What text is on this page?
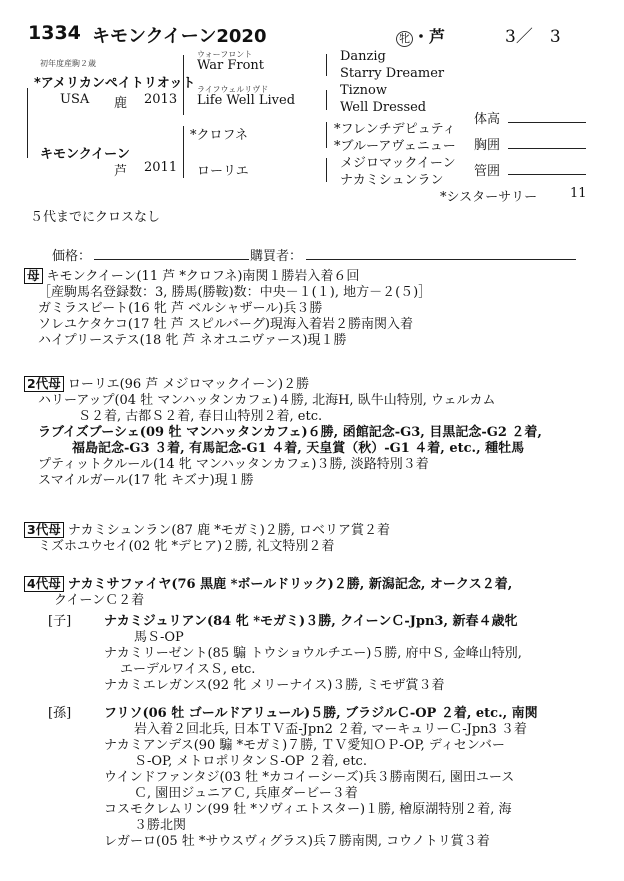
1334 キモンクイーン2020	牝 ・芦	3／　3
初年度産駒２歳
*アメリカンペイトリオット
USA 鹿 2013
ウォーフロント
War Front
ライフウェルリヴド
Life Well Lived
Danzig
Starry Dreamer
Tiznow
Well Dressed
キモンクイーン
芦 2011
*クロフネ
ローリエ
*フレンチデピュティ
*ブルーアヴェニュー
メジロマックイーン
ナカミシュンラン
体高
胸囲
管囲
*シスターサリー	11
５代までにクロスなし
価格：	購買者：
母 キモンクイーン(11 芦 *クロフネ)南関１勝岩入着６回
［産駒馬名登録数：3, 勝馬(勝鞍)数：中央－１(１), 地方－２(５)］
ガミラスビート(16 牝 芦 ベルシャザール)兵３勝
ソレユケタケコ(17 牡 芦 スピルバーグ)現海入着岩２勝南関入着
ハイプリーステス(18 牝 芦 ネオユニヴァース)現１勝
2代母 ローリエ(96 芦 メジロマックイーン)２勝
ハリーアップ(04 牡 マンハッタンカフェ)４勝, 北海H, 臥牛山特別, ウェルカム
Ｓ２着, 古都Ｓ２着, 春日山特別２着, etc.
ラブイズブーシェ(09 牡 マンハッタンカフェ)６勝, 函館記念-G3, 目黒記念-G2 ２着,
福島記念-G3 ３着, 有馬記念-G1 ４着, 天皇賞（秋）-G1 ４着, etc., 種牡馬
プティットクルール(14 牝 マンハッタンカフェ)３勝, 淡路特別３着
スマイルガール(17 牝 キズナ)現１勝
3代母 ナカミシュンラン(87 鹿 *モガミ)２勝, ロベリア賞２着
ミズホユウセイ(02 牝 *デヒア)２勝, 礼文特別２着
4代母 ナカミサファイヤ(76 黒鹿 *ボールドリック)２勝, 新潟記念, オークス２着,
クイーンＣ２着
[子]	ナカミジュリアン(84 牝 *モガミ)３勝, クイーンＣ-Jpn3, 新春４歳牝
馬Ｓ-OP
ナカミリーゼント(85 騸 トウショウルチエー)５勝, 府中Ｓ, 金峰山特別,
エーデルワイスＳ, etc.
ナカミエレガンス(92 牝 メリーナイス)３勝, ミモザ賞３着
[孫]	フリソ(06 牡 ゴールドアリュール)５勝, ブラジルＣ-OP ２着, etc., 南関
岩入着２回北兵, 日本ＴＶ盃-Jpn2 ２着, マーキュリーＣ-Jpn3 ３着
ナカミアンデス(90 騸 *モガミ)７勝, ＴＶ愛知ＯＰ-OP, ディセンバー
Ｓ-OP, メトロポリタンＳ-OP ２着, etc.
ウインドファンタジ(03 牡 *カコイーシーズ)兵３勝南関石, 園田ユース
Ｃ, 園田ジュニアＣ, 兵庫ダービー３着
コスモクレムリン(99 牡 *ソヴィエトスター)１勝, 檜原湖特別２着, 海
３勝北関
レガーロ(05 牡 *サウスヴィグラス)兵７勝南関, コウノトリ賞３着
